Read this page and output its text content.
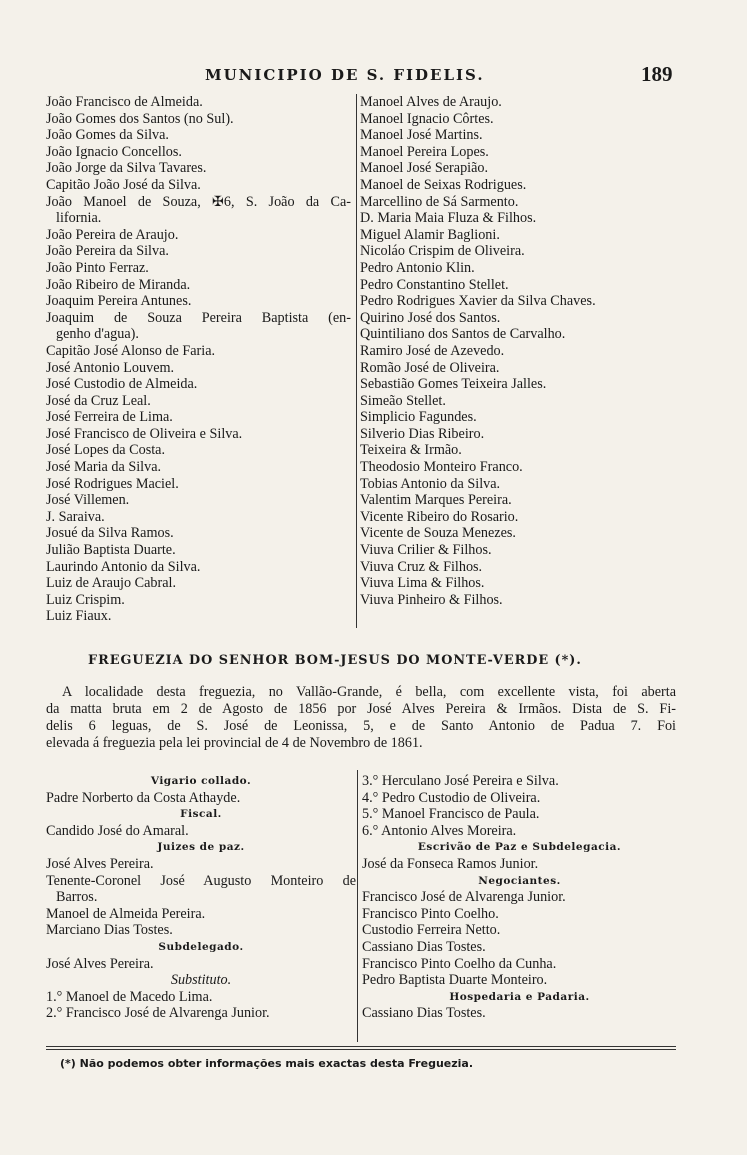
MUNICIPIO DE S. FIDELIS.	189
João Francisco de Almeida.
João Gomes dos Santos (no Sul).
João Gomes da Silva.
João Ignacio Concellos.
João Jorge da Silva Tavares.
Capitão João José da Silva.
João Manoel de Souza, ✠6, S. João da Ca-
lifornia.
João Pereira de Araujo.
João Pereira da Silva.
João Pinto Ferraz.
João Ribeiro de Miranda.
Joaquim Pereira Antunes.
Joaquim de Souza Pereira Baptista (en-
genho d'agua).
Capitão José Alonso de Faria.
José Antonio Louvem.
José Custodio de Almeida.
José da Cruz Leal.
José Ferreira de Lima.
José Francisco de Oliveira e Silva.
José Lopes da Costa.
José Maria da Silva.
José Rodrigues Maciel.
José Villemen.
J. Saraiva.
Josué da Silva Ramos.
Julião Baptista Duarte.
Laurindo Antonio da Silva.
Luiz de Araujo Cabral.
Luiz Crispim.
Luiz Fiaux.
Manoel Alves de Araujo.
Manoel Ignacio Côrtes.
Manoel José Martins.
Manoel Pereira Lopes.
Manoel José Serapião.
Manoel de Seixas Rodrigues.
Marcellino de Sá Sarmento.
D. Maria Maia Fluza & Filhos.
Miguel Alamir Baglioni.
Nicoláo Crispim de Oliveira.
Pedro Antonio Klin.
Pedro Constantino Stellet.
Pedro Rodrigues Xavier da Silva Chaves.
Quirino José dos Santos.
Quintiliano dos Santos de Carvalho.
Ramiro José de Azevedo.
Romão José de Oliveira.
Sebastião Gomes Teixeira Jalles.
Simeão Stellet.
Simplicio Fagundes.
Silverio Dias Ribeiro.
Teixeira & Irmão.
Theodosio Monteiro Franco.
Tobias Antonio da Silva.
Valentim Marques Pereira.
Vicente Ribeiro do Rosario.
Vicente de Souza Menezes.
Viuva Crilier & Filhos.
Viuva Cruz & Filhos.
Viuva Lima & Filhos.
Viuva Pinheiro & Filhos.
FREGUEZIA DO SENHOR BOM-JESUS DO MONTE-VERDE (*).
A localidade desta freguezia, no Vallão-Grande, é bella, com excellente vista, foi aberta
da matta bruta em 2 de Agosto de 1856 por José Alves Pereira & Irmãos. Dista de S. Fi-
delis 6 leguas, de S. José de Leonissa, 5, e de Santo Antonio de Padua 7. Foi
elevada á freguezia pela lei provincial de 4 de Novembro de 1861.
Vigario collado.
Padre Norberto da Costa Athayde.
Fiscal.
Candido José do Amaral.
Juizes de paz.
José Alves Pereira.
Tenente-Coronel José Augusto Monteiro de
Barros.
Manoel de Almeida Pereira.
Marciano Dias Tostes.
Subdelegado.
José Alves Pereira.
Substituto.
1.° Manoel de Macedo Lima.
2.° Francisco José de Alvarenga Junior.
3.° Herculano José Pereira e Silva.
4.° Pedro Custodio de Oliveira.
5.° Manoel Francisco de Paula.
6.° Antonio Alves Moreira.
Escrivão de Paz e Subdelegacia.
José da Fonseca Ramos Junior.
Negociantes.
Francisco José de Alvarenga Junior.
Francisco Pinto Coelho.
Custodio Ferreira Netto.
Cassiano Dias Tostes.
Francisco Pinto Coelho da Cunha.
Pedro Baptista Duarte Monteiro.
Hospedaria e Padaria.
Cassiano Dias Tostes.
(*) Não podemos obter informações mais exactas desta Freguezia.
